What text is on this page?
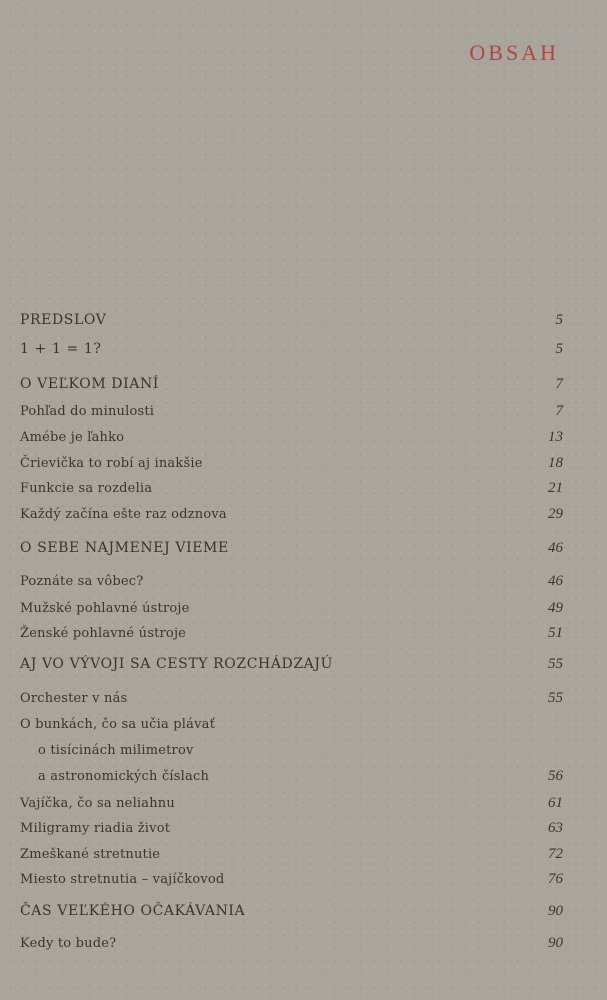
OBSAH
PREDSLOV	5
1 + 1 = 1?	5
O VEĽKOM DIANÍ	7
Pohľad do minulosti	7
Amébe je ľahko	13
Črievička to robí aj inakšie	18
Funkcie sa rozdelia	21
Každý začína ešte raz odznova	29
O SEBE NAJMENEJ VIEME	46
Poznáte sa vôbec?	46
Mužské pohlavné ústroje	49
Ženské pohlavné ústroje	51
AJ VO VÝVOJI SA CESTY ROZCHÁDZAJÚ	55
Orchester v nás	55
O bunkách, čo sa učia plávať
o tisícinách milimetrov
a astronomických číslach	56
Vajíčka, čo sa neliahnu	61
Miligramy riadia život	63
Zmeškané stretnutie	72
Miesto stretnutia – vajíčkovod	76
ČAS VEĽKÉHO OČAKÁVANIA	90
Kedy to bude?	90
